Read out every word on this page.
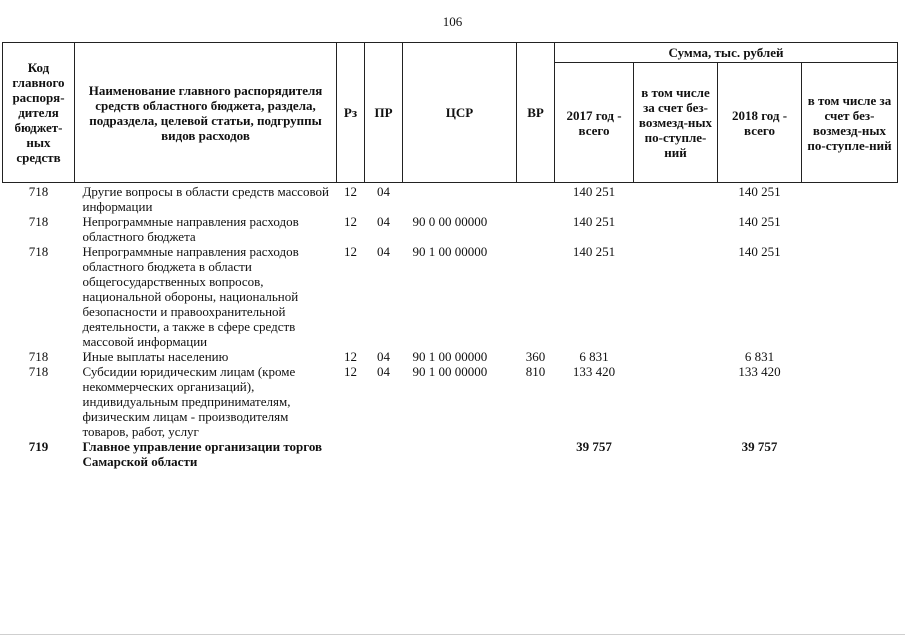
106
Код главного распоря-дителя бюджет-ных средств	Наименование главного распорядителя средств областного бюджета, раздела, подраздела, целевой статьи, подгруппы видов расходов	Рз	ПР	ЦСР	ВР	Сумма, тыс. рублей			
						2017 год - всего	в том числе за счет без-возмезд-ных по-ступле-ний	2018 год - всего	в том числе за счет без-возмезд-ных по-ступле-ний
718	Другие вопросы в области средств массовой информации	12	04			140 251		140 251	
718	Непрограммные направления расходов областного бюджета	12	04	90 0 00 00000		140 251		140 251	
718	Непрограммные направления расходов областного бюджета в области общегосударственных вопросов, национальной обороны, национальной безопасности и правоохранительной деятельности, а также в сфере средств массовой информации	12	04	90 1 00 00000		140 251		140 251	
718	Иные выплаты населению	12	04	90 1 00 00000	360	6 831		6 831	
718	Субсидии юридическим лицам (кроме некоммерческих организаций), индивидуальным предпринимателям, физическим лицам - производителям товаров, работ, услуг	12	04	90 1 00 00000	810	133 420		133 420	
719	Главное управление организации торгов Самарской области					39 757		39 757	
